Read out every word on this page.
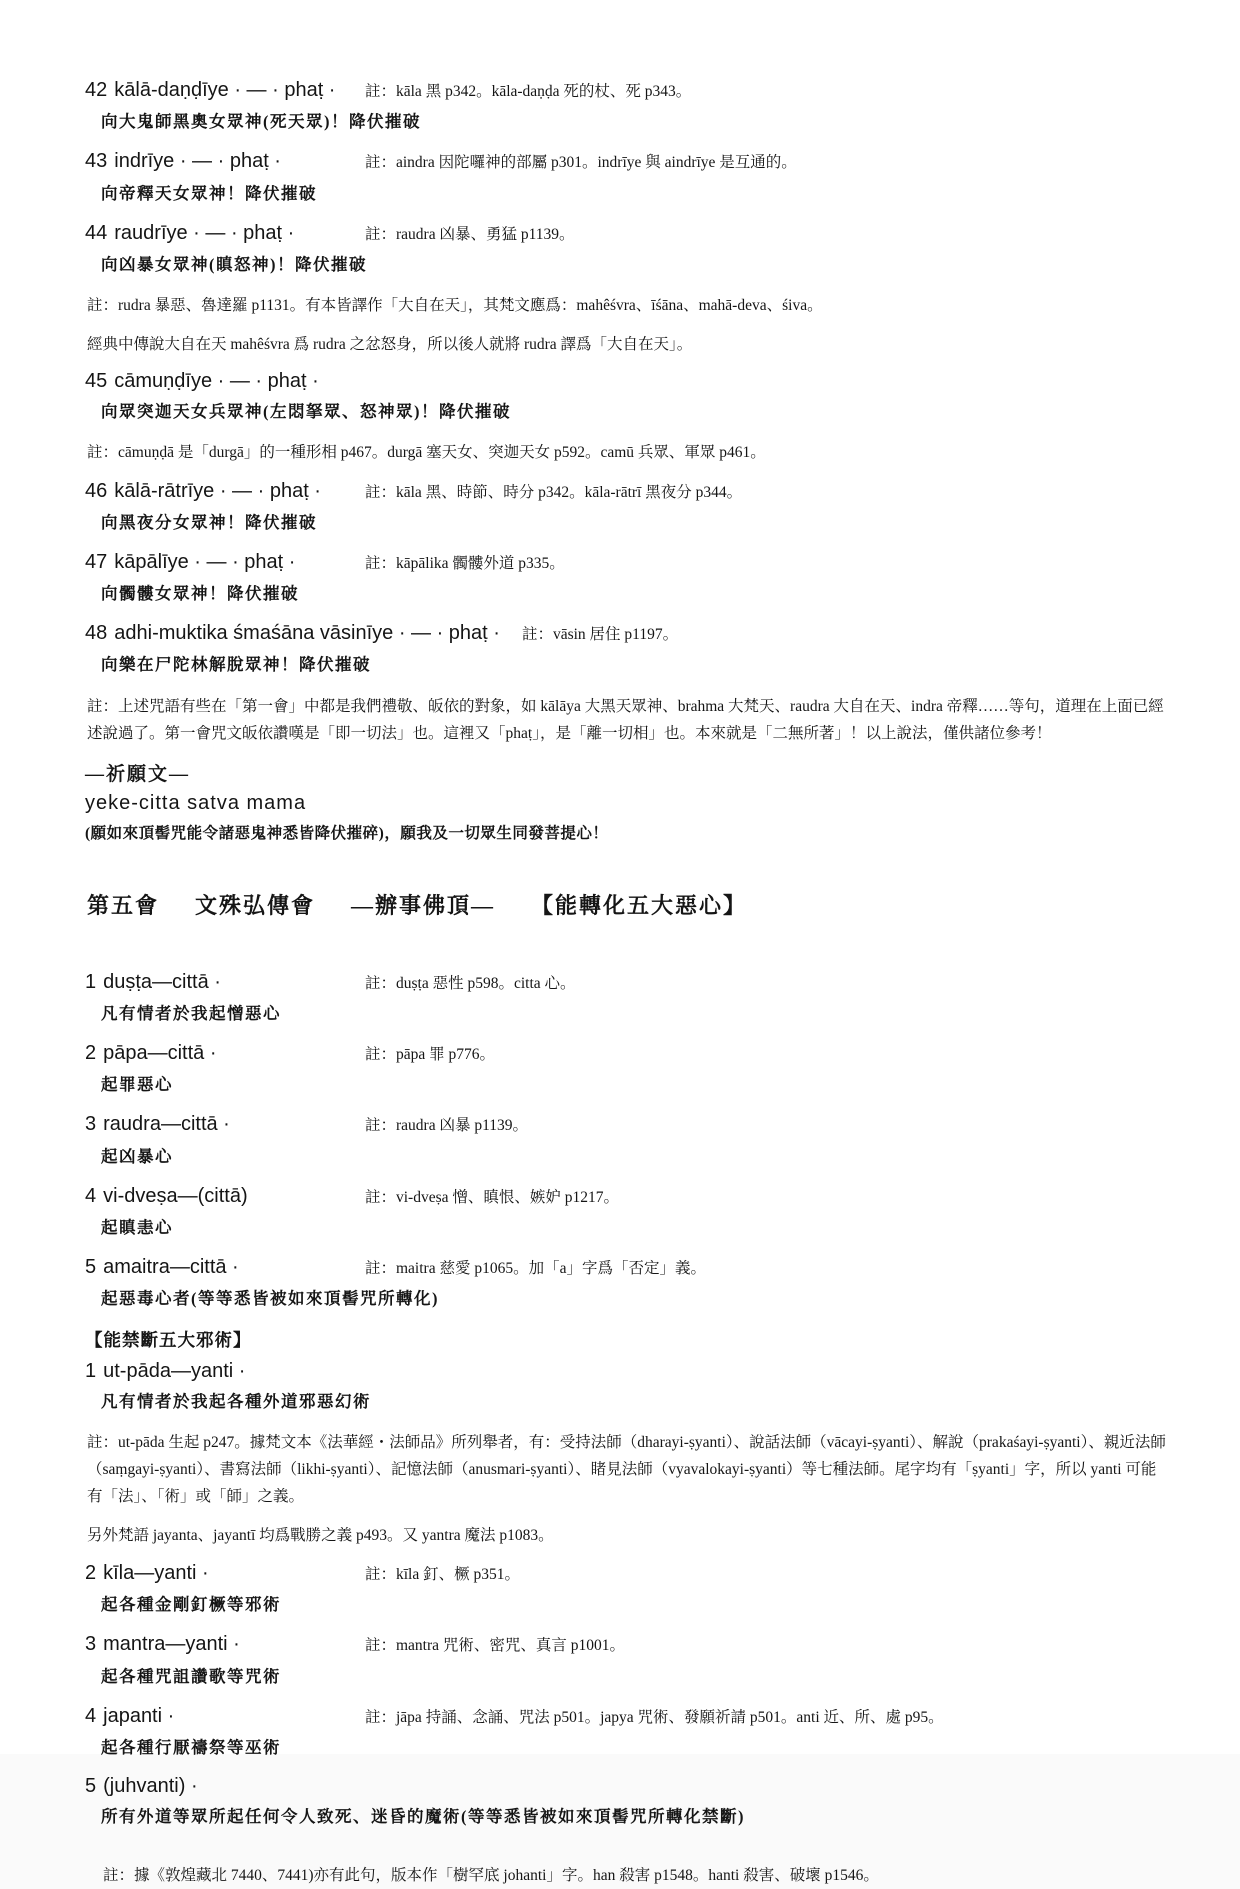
42 kālā-daṇḍīye · — · phaṭ ·	註：kāla 黑 p342。kāla-daṇḍa 死的杖、死 p343。
向大鬼師黑奧女眾神(死天眾)！降伏摧破
43 indrīye · — · phaṭ ·	註：aindra 因陀囉神的部屬 p301。indrīye 與 aindrīye 是互通的。
向帝釋天女眾神！降伏摧破
44 raudrīye · — · phaṭ ·	註：raudra 凶暴、勇猛 p1139。
向凶暴女眾神(瞋怒神)！降伏摧破

註：rudra 暴惡、魯達羅 p1131。有本皆譯作「大自在天」，其梵文應爲：mahêśvra、īśāna、mahā-deva、śiva。

經典中傳說大自在天 mahêśvra 爲 rudra 之忿怒身，所以後人就將 rudra 譯爲「大自在天」。

45 cāmuṇḍīye · — · phaṭ ·
向眾突迦天女兵眾神(左悶拏眾、怒神眾)！降伏摧破

註：cāmuṇḍā 是「durgā」的一種形相 p467。durgā 塞天女、突迦天女 p592。camū 兵眾、軍眾 p461。

46 kālā-rātrīye · — · phaṭ ·	註：kāla 黑、時節、時分 p342。kāla-rātrī 黑夜分 p344。
向黑夜分女眾神！降伏摧破
47 kāpālīye · — · phaṭ ·	註：kāpālika 髑髏外道 p335。
向髑髏女眾神！降伏摧破
48 adhi-muktika śmaśāna vāsinīye · — · phaṭ ·	註：vāsin 居住 p1197。
向樂在尸陀林解脫眾神！降伏摧破

註：上述咒語有些在「第一會」中都是我們禮敬、皈依的對象，如 kālāya 大黑天眾神、brahma 大梵天、raudra 大自在天、indra 帝釋……等句，道理在上面已經述說過了。第一會咒文皈依讚嘆是「即一切法」也。這裡又「phaṭ」，是「離一切相」也。本來就是「二無所著」！以上說法，僅供諸位參考！

—祈願文—
yeke-citta satva mama
(願如來頂髻咒能令諸惡鬼神悉皆降伏摧碎)，願我及一切眾生同發菩提心！
第五會 文殊弘傳會 —辦事佛頂— 【能轉化五大惡心】
1 duṣṭa—cittā ·	註：duṣṭa 惡性 p598。citta 心。
凡有情者於我起憎惡心
2 pāpa—cittā ·	註：pāpa 罪 p776。
起罪惡心
3 raudra—cittā ·	註：raudra 凶暴 p1139。
起凶暴心
4 vi-dveṣa—(cittā)	註：vi-dveṣa 憎、瞋恨、嫉妒 p1217。
起瞋恚心
5 amaitra—cittā ·	註：maitra 慈愛 p1065。加「a」字爲「否定」義。
起惡毒心者(等等悉皆被如來頂髻咒所轉化)
【能禁斷五大邪術】
1 ut-pāda—yanti ·
凡有情者於我起各種外道邪惡幻術

註：ut-pāda 生起 p247。據梵文本《法華經・法師品》所列舉者，有：受持法師（dharayi-ṣyanti）、說話法師（vācayi-ṣyanti）、解說（prakaśayi-ṣyanti）、親近法師（saṃgayi-ṣyanti）、書寫法師（likhi-ṣyanti）、記憶法師（anusmari-ṣyanti）、睹見法師（vyavalokayi-ṣyanti）等七種法師。尾字均有「ṣyanti」字，所以 yanti 可能有「法」、「術」或「師」之義。

另外梵語 jayanta、jayantī 均爲戰勝之義 p493。又 yantra 魔法 p1083。

2 kīla—yanti ·	註：kīla 釘、橛 p351。
起各種金剛釘橛等邪術
3 mantra—yanti ·	註：mantra 咒術、密咒、真言 p1001。
起各種咒詛讚歌等咒術
4 japanti ·	註：jāpa 持誦、念誦、咒法 p501。japya 咒術、發願祈請 p501。anti 近、所、處 p95。
起各種行厭禱祭等巫術
5 (juhvanti) ·
所有外道等眾所起任何令人致死、迷昏的魔術(等等悉皆被如來頂髻咒所轉化禁斷)

註：據《敦煌藏北 7440、7441)亦有此句，版本作「樹罕底 johanti」字。han 殺害 p1548。hanti 殺害、破壞 p1546。
